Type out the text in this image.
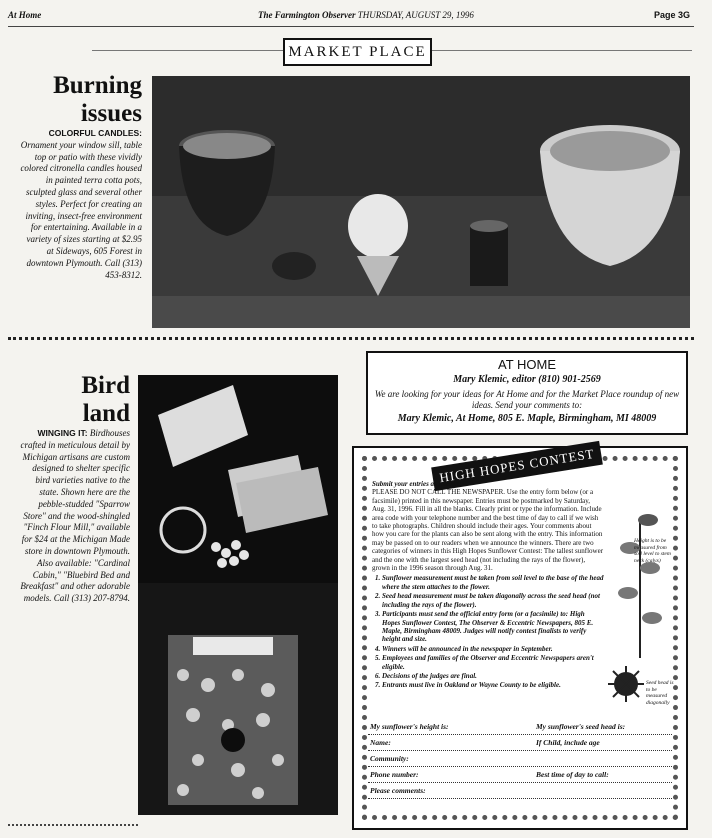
At Home	The Farmington Observer THURSDAY, AUGUST 29, 1996	Page 3G
MARKET PLACE
Burning
issues
COLORFUL CANDLES: Ornament your window sill, table top or patio with these vividly colored citronella candles housed in painted terra cotta pots, sculpted glass and several other styles. Perfect for creating an inviting, insect-free environment for entertaining. Available in a variety of sizes starting at $2.95 at Sideways, 605 Forest in downtown Plymouth. Call (313) 453-8312.
Bird
land
WINGING IT: Birdhouses crafted in meticulous detail by Michigan artisans are custom designed to shelter specific bird varieties native to the state. Shown here are the pebble-studded "Sparrow Store" and the wood-shingled "Finch Flour Mill," available for $24 at the Michigan Made store in downtown Plymouth. Also available: "Cardinal Cabin," "Bluebird Bed and Breakfast" and other adorable models. Call (313) 207-8794.
AT HOME
Mary Klemic, editor (810) 901-2569
We are looking for your ideas for At Home and for the Market Place roundup of new ideas. Send your comments to:
Mary Klemic, At Home, 805 E. Maple, Birmingham, MI 48009
HIGH HOPES CONTEST
Submit your entries as follows:
PLEASE DO NOT CALL THE NEWSPAPER. Use the entry form below (or a facsimile) printed in this newspaper. Entries must be postmarked by Saturday, Aug. 31, 1996. Fill in all the blanks. Clearly print or type the information. Include area code with your telephone number and the best time of day to call if we wish to take photographs. Children should include their ages. Your comments about how you care for the plants can also be sent along with the entry. This information may be passed on to our readers when we announce the winners. There are two categories of winners in this High Hopes Sunflower Contest: The tallest sunflower and the one with the largest seed head (not including the rays of the flower), grown in the 1996 season through Aug. 31.
1. Sunflower measurement must be taken from soil level to the base of the head where the stem attaches to the flower.
2. Seed head measurement must be taken diagonally across the seed head (not including the rays of the flower).
3. Participants must send the official entry form (or a facsimile) to: High Hopes Sunflower Contest, The Observer & Eccentric Newspapers, 805 E. Maple, Birmingham 48009. Judges will notify contest finalists to verify height and size.
4. Winners will be announced in the newspaper in September.
5. Employees and families of the Observer and Eccentric Newspapers aren't eligible.
6. Decisions of the judges are final.
7. Entrants must live in Oakland or Wayne County to be eligible.
Height is to be measured from soil level to stem neck (calyx)
Seed head is to be measured diagonally
My sunflower's height is:	My sunflower's seed head is:
Name:	If Child, include age
Community:
Phone number:	Best time of day to call:
Please comments:
